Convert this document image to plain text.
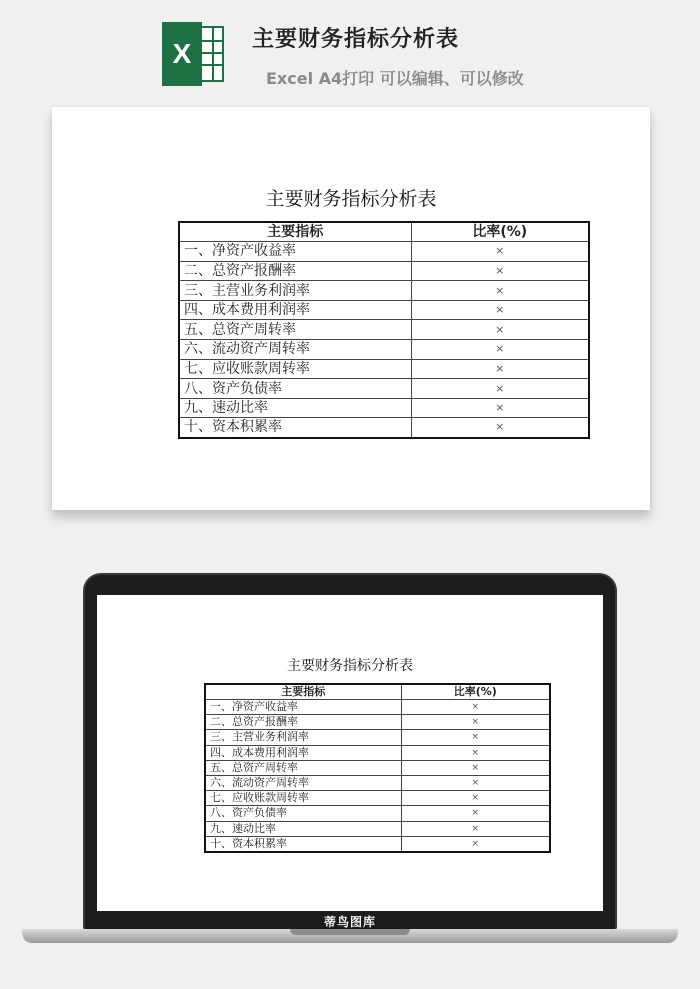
X	主要财务指标分析表
Excel A4打印 可以编辑、可以修改
主要财务指标分析表
主要指标	比率(%)
一、净资产收益率	×
二、总资产报酬率	×
三、主营业务利润率	×
四、成本费用利润率	×
五、总资产周转率	×
六、流动资产周转率	×
七、应收账款周转率	×
八、资产负债率	×
九、速动比率	×
十、资本积累率	×
主要财务指标分析表
主要指标	比率(%)
一、净资产收益率	×
二、总资产报酬率	×
三、主营业务利润率	×
四、成本费用利润率	×
五、总资产周转率	×
六、流动资产周转率	×
七、应收账款周转率	×
八、资产负债率	×
九、速动比率	×
十、资本积累率	×
蒂鸟图库
